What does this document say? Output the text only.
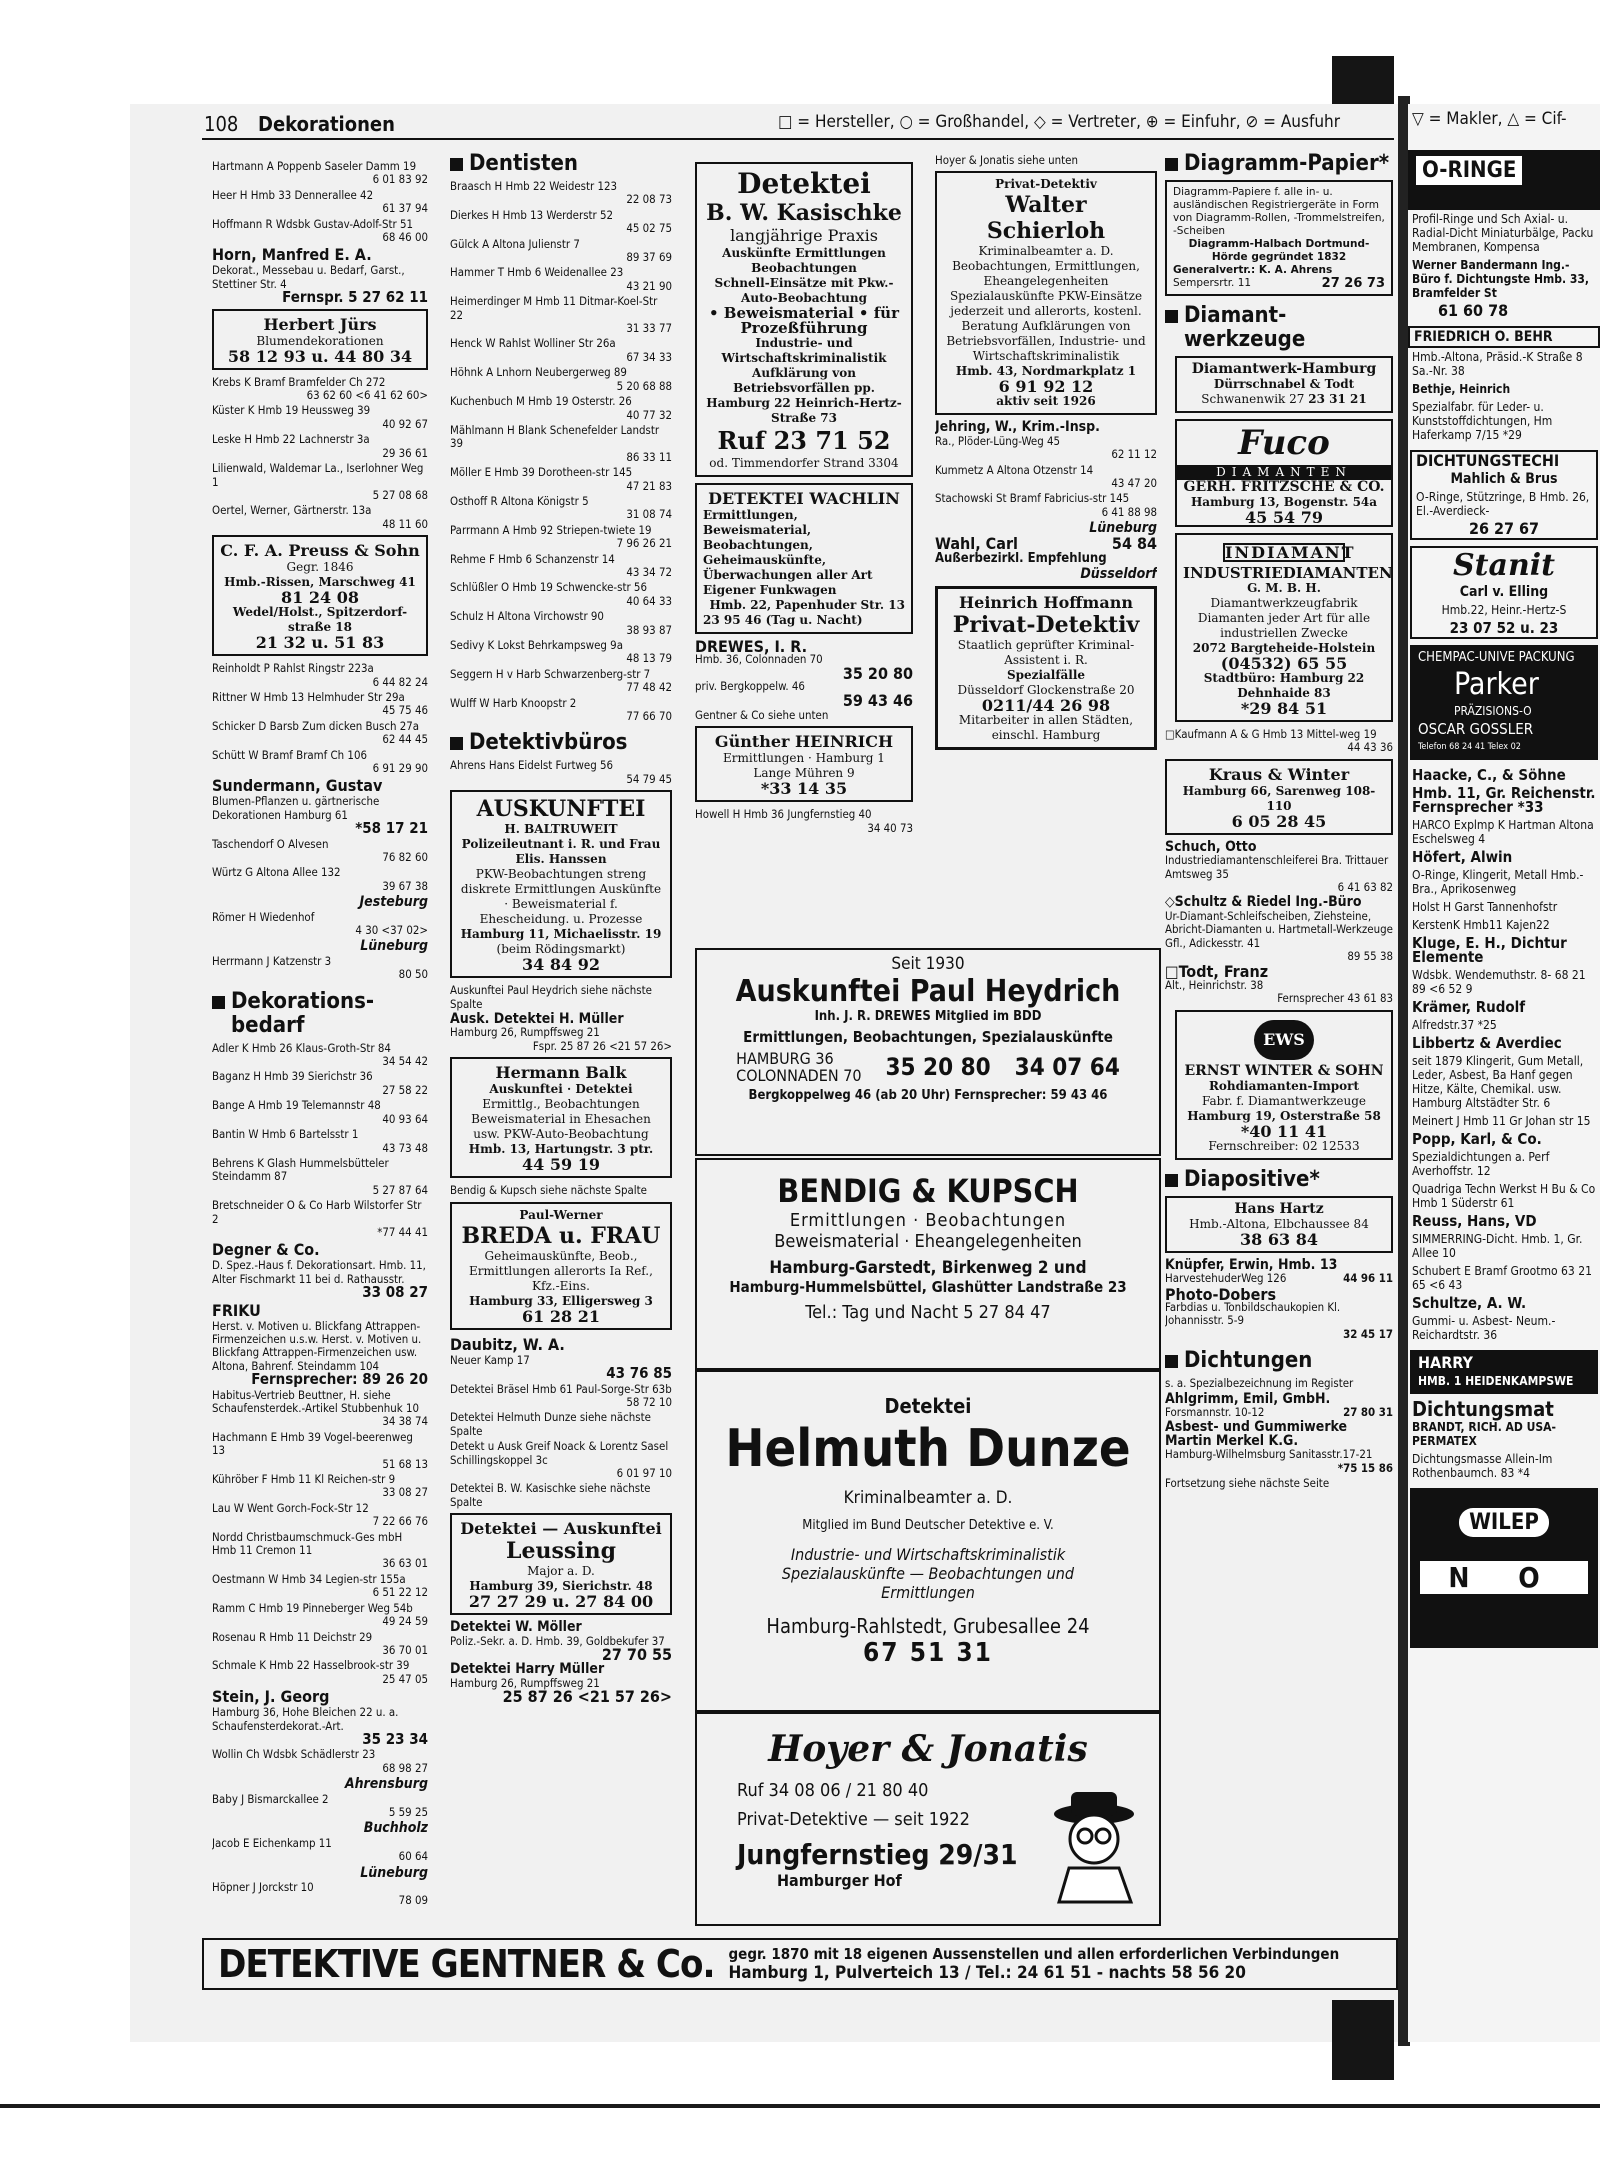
▽ = Makler, △ = Cif-
O-RINGE
Profil-Ringe und Sch Axial- u. Radial-Dicht Miniaturbälge, Packu Membranen, Kompensa
Werner Bandermann Ing.-Büro f. Dichtungste Hmb. 33, Bramfelder St
61 60 78
FRIEDRICH O. BEHR
Hmb.-Altona, Präsid.-K Straße 8 Sa.-Nr. 38
Bethje, Heinrich
Spezialfabr. für Leder- u. Kunststoffdichtungen, Hm Haferkamp 7/15 *29
DICHTUNGSTECHI
Mahlich & Brus
O-Ringe, Stützringe, B Hmb. 26, El.-Averdieck-
26 27 67
Stanit
Carl v. Elling
Hmb.22, Heinr.-Hertz-S
23 07 52 u. 23
CHEMPAC-UNIVE PACKUNG
Parker
PRÄZISIONS-O
OSCAR GOSSLER
Telefon 68 24 41 Telex 02
Haacke, C., & Söhne
Hmb. 11, Gr. Reichenstr. Fernsprecher *33
HARCO Explmp K Hartman Altona Eschelsweg 4
Höfert, Alwin
O-Ringe, Klingerit, Metall Hmb.-Bra., Aprikosenweg
Holst H Garst Tannenhofstr
KerstenK Hmb11 Kajen22
Kluge, E. H., Dichtur Elemente
Wdsbk. Wendemuthstr. 8- 68 21 89 <6 52 9
Krämer, Rudolf
Alfredstr.37 *25
Libbertz & Averdiec
seit 1879 Klingerit, Gum Metall, Leder, Asbest, Ba Hanf gegen Hitze, Kälte, Chemikal. usw. Hamburg Altstädter Str. 6
Meinert J Hmb 11 Gr Johan str 15
Popp, Karl, & Co.
Spezialdichtungen a. Perf Averhoffstr. 12
Quadriga Techn Werkst H Bu & Co Hmb 1 Süderstr 61
Reuss, Hans, VD
SIMMERRING-Dicht. Hmb. 1, Gr. Allee 10
Schubert E Bramf Grootmo 63 21 65 <6 43
Schultze, A. W.
Gummi- u. Asbest- Neum.-Reichardtstr. 36
HARRY
HMB. 1 HEIDENKAMPSWE
Dichtungsmat
BRANDT, RICH. AD USA-PERMATEX
Dichtungsmasse Allein-Im Rothenbaumch. 83 *4
WILEP
N O
108 Dekorationen	□ = Hersteller, ○ = Großhandel, ◇ = Vertreter, ⊕ = Einfuhr, ⊘ = Ausfuhr
Hartmann A Poppenb Saseler Damm 19
6 01 83 92
Heer H Hmb 33 Dennerallee 42
61 37 94
Hoffmann R Wdsbk Gustav-Adolf-Str 51
68 46 00
Horn, Manfred E. A.
Dekorat., Messebau u. Bedarf, Garst., Stettiner Str. 4
Fernspr. 5 27 62 11
Herbert Jürs
Blumendekorationen
58 12 93 u. 44 80 34
Krebs K Bramf Bramfelder Ch 272
63 62 60 <6 41 62 60>
Küster K Hmb 19 Heussweg 39
40 92 67
Leske H Hmb 22 Lachnerstr 3a
29 36 61
Lilienwald, Waldemar La., Iserlohner Weg 1
5 27 08 68
Oertel, Werner, Gärtnerstr. 13a
48 11 60
C. F. A. Preuss & Sohn
Gegr. 1846
Hmb.-Rissen, Marschweg 41
81 24 08
Wedel/Holst., Spitzerdorf-straße 18
21 32 u. 51 83
Reinholdt P Rahlst Ringstr 223a
6 44 82 24
Rittner W Hmb 13 Helmhuder Str 29a
45 75 46
Schicker D Barsb Zum dicken Busch 27a
62 44 45
Schütt W Bramf Bramf Ch 106
6 91 29 90
Sundermann, Gustav
Blumen-Pflanzen u. gärtnerische Dekorationen Hamburg 61
*58 17 21
Taschendorf O Alvesen
76 82 60
Würtz G Altona Allee 132
39 67 38
Jesteburg
Römer H Wiedenhof
4 30 <37 02>
Lüneburg
Herrmann J Katzenstr 3
80 50
Dekorations-bedarf
Adler K Hmb 26 Klaus-Groth-Str 84
34 54 42
Baganz H Hmb 39 Sierichstr 36
27 58 22
Bange A Hmb 19 Telemannstr 48
40 93 64
Bantin W Hmb 6 Bartelsstr 1
43 73 48
Behrens K Glash Hummelsbütteler Steindamm 87
5 27 87 64
Bretschneider O & Co Harb Wilstorfer Str 2
*77 44 41
Degner & Co.
D. Spez.-Haus f. Dekorationsart. Hmb. 11, Alter Fischmarkt 11 bei d. Rathausstr.
33 08 27
FRIKU
Herst. v. Motiven u. Blickfang Attrappen-Firmenzeichen u.s.w. Herst. v. Motiven u. Blickfang Attrappen-Firmenzeichen usw. Altona, Bahrenf. Steindamm 104
Fernsprecher: 89 26 20
Habitus-Vertrieb Beuttner, H. siehe Schaufensterdek.-Artikel Stubbenhuk 10
34 38 74
Hachmann E Hmb 39 Vogel-beerenweg 13
51 68 13
Kühröber F Hmb 11 Kl Reichen-str 9
33 08 27
Lau W Went Gorch-Fock-Str 12
7 22 66 76
Nordd Christbaumschmuck-Ges mbH Hmb 11 Cremon 11
36 63 01
Oestmann W Hmb 34 Legien-str 155a
6 51 22 12
Ramm C Hmb 19 Pinneberger Weg 54b
49 24 59
Rosenau R Hmb 11 Deichstr 29
36 70 01
Schmale K Hmb 22 Hasselbrook-str 39
25 47 05
Stein, J. Georg
Hamburg 36, Hohe Bleichen 22 u. a. Schaufensterdekorat.-Art.
35 23 34
Wollin Ch Wdsbk Schädlerstr 23
68 98 27
Ahrensburg
Baby J Bismarckallee 2
5 59 25
Buchholz
Jacob E Eichenkamp 11
60 64
Lüneburg
Höpner J Jorckstr 10
78 09
Dentisten
Braasch H Hmb 22 Weidestr 123
22 08 73
Dierkes H Hmb 13 Werderstr 52
45 02 75
Gülck A Altona Julienstr 7
89 37 69
Hammer T Hmb 6 Weidenallee 23
43 21 90
Heimerdinger M Hmb 11 Ditmar-Koel-Str 22
31 33 77
Henck W Rahlst Wolliner Str 26a
67 34 33
Höhnk A Lnhorn Neubergerweg 89
5 20 68 88
Kuchenbuch M Hmb 19 Osterstr. 26
40 77 32
Mählmann H Blank Schenefelder Landstr 39
86 33 11
Möller E Hmb 39 Dorotheen-str 145
47 21 83
Osthoff R Altona Königstr 5
31 08 74
Parrmann A Hmb 92 Striepen-twiete 19
7 96 26 21
Rehme F Hmb 6 Schanzenstr 14
43 34 72
Schlüßler O Hmb 19 Schwencke-str 56
40 64 33
Schulz H Altona Virchowstr 90
38 93 87
Sedivy K Lokst Behrkampsweg 9a
48 13 79
Seggern H v Harb Schwarzenberg-str 7
77 48 42
Wulff W Harb Knoopstr 2
77 66 70
Detektivbüros
Ahrens Hans Eidelst Furtweg 56
54 79 45
AUSKUNFTEI
H. BALTRUWEIT
Polizeileutnant i. R. und Frau Elis. Hanssen
PKW-Beobachtungen streng diskrete Ermittlungen Auskünfte · Beweismaterial f. Ehescheidung. u. Prozesse
Hamburg 11, Michaelisstr. 19
(beim Rödingsmarkt)
34 84 92
Auskunftei Paul Heydrich siehe nächste Spalte
Ausk. Detektei H. Müller
Hamburg 26, Rumpffsweg 21
Fspr. 25 87 26 <21 57 26>
Hermann Balk
Auskunftei · Detektei
Ermittlg., Beobachtungen Beweismaterial in Ehesachen usw. PKW-Auto-Beobachtung
Hmb. 13, Hartungstr. 3 ptr.
44 59 19
Bendig & Kupsch siehe nächste Spalte
Paul-Werner
BREDA u. FRAU
Geheimauskünfte, Beob., Ermittlungen allerorts Ia Ref., Kfz.-Eins.
Hamburg 33, Elligersweg 3
61 28 21
Daubitz, W. A.
Neuer Kamp 17
43 76 85
Detektei Bräsel Hmb 61 Paul-Sorge-Str 63b
58 72 10
Detektei Helmuth Dunze siehe nächste Spalte
Detekt u Ausk Greif Noack & Lorentz Sasel Schillingskoppel 3c
6 01 97 10
Detektei B. W. Kasischke siehe nächste Spalte
Detektei — Auskunftei
Leussing
Major a. D.
Hamburg 39, Sierichstr. 48
27 27 29 u. 27 84 00
Detektei W. Möller
Poliz.-Sekr. a. D. Hmb. 39, Goldbekufer 37
27 70 55
Detektei Harry Müller
Hamburg 26, Rumpffsweg 21
25 87 26 <21 57 26>
Detektei
B. W. Kasischke
langjährige Praxis
Auskünfte Ermittlungen Beobachtungen
Schnell-Einsätze mit Pkw.-Auto-Beobachtung
• Beweismaterial • für Prozeßführung
Industrie- und Wirtschaftskriminalistik
Aufklärung von Betriebsvorfällen pp.
Hamburg 22 Heinrich-Hertz-Straße 73
Ruf 23 71 52
od. Timmendorfer Strand 3304
DETEKTEI WACHLIN
Ermittlungen, Beweismaterial, Beobachtungen, Geheimauskünfte, Überwachungen aller Art Eigener Funkwagen
Hmb. 22, Papenhuder Str. 13
23 95 46 (Tag u. Nacht)
DREWES, I. R.
Hmb. 36, Colonnaden 70
35 20 80
priv. Bergkoppelw. 46
59 43 46
Gentner & Co siehe unten
Günther HEINRICH
Ermittlungen · Hamburg 1
Lange Mühren 9
*33 14 35
Howell H Hmb 36 Jungfernstieg 40
34 40 73
Hoyer & Jonatis siehe unten
Privat-Detektiv
Walter Schierloh
Kriminalbeamter a. D.
Beobachtungen, Ermittlungen, Eheangelegenheiten
Spezialauskünfte PKW-Einsätze jederzeit und allerorts, kostenl. Beratung Aufklärungen von Betriebsvorfällen, Industrie- und Wirtschaftskriminalistik
Hmb. 43, Nordmarkplatz 1
6 91 92 12
aktiv seit 1926
Jehring, W., Krim.-Insp.
Ra., Plöder-Lüng-Weg 45
62 11 12
Kummetz A Altona Otzenstr 14
43 47 20
Stachowski St Bramf Fabricius-str 145
6 41 88 98
Lüneburg
Wahl, Carl	54 84
Außerbezirkl. Empfehlung
Düsseldorf
Heinrich Hoffmann
Privat-Detektiv
Staatlich geprüfter Kriminal-Assistent i. R.
Spezialfälle
Düsseldorf Glockenstraße 20
0211/44 26 98
Mitarbeiter in allen Städten, einschl. Hamburg
Seit 1930
Auskunftei Paul Heydrich
Inh. J. R. DREWES Mitglied im BDD
Ermittlungen, Beobachtungen, Spezialauskünfte
HAMBURG 36
COLONNADEN 70 35 20 80 34 07 64
Bergkoppelweg 46 (ab 20 Uhr) Fernsprecher: 59 43 46
BENDIG & KUPSCH
Ermittlungen · Beobachtungen
Beweismaterial · Eheangelegenheiten
Hamburg-Garstedt, Birkenweg 2 und
Hamburg-Hummelsbüttel, Glashütter Landstraße 23
Tel.: Tag und Nacht 5 27 84 47
Detektei
Helmuth Dunze
Kriminalbeamter a. D.
Mitglied im Bund Deutscher Detektive e. V.
Industrie- und Wirtschaftskriminalistik Spezialauskünfte — Beobachtungen und Ermittlungen
Hamburg-Rahlstedt, Grubesallee 24
67 51 31
Hoyer & Jonatis
Ruf 34 08 06 / 21 80 40
Privat-Detektive — seit 1922
Jungfernstieg 29/31
Hamburger Hof
Diagramm-Papier*
Diagramm-Papiere f. alle in- u. ausländischen Registriergeräte in Form von Diagramm-Rollen, -Trommelstreifen, -Scheiben
Diagramm-Halbach Dortmund-Hörde gegründet 1832
Generalvertr.: K. A. Ahrens
Sempersrtr. 11	27 26 73
Diamant-werkzeuge
Diamantwerk-Hamburg
Dürrschnabel & Todt
Schwanenwik 27 23 31 21
Fuco
DIAMANTEN
GERH. FRITZSCHE & CO.
Hamburg 13, Bogenstr. 54a
45 54 79
INDIAMANT
INDUSTRIEDIAMANTEN
G. M. B. H.
Diamantwerkzeugfabrik Diamanten jeder Art für alle industriellen Zwecke
2072 Bargteheide-Holstein
(04532) 65 55
Stadtbüro: Hamburg 22 Dehnhaide 83
*29 84 51
□Kaufmann A & G Hmb 13 Mittel-weg 19
44 43 36
Kraus & Winter
Hamburg 66, Sarenweg 108-110
6 05 28 45
Schuch, Otto
Industriediamantenschleiferei Bra. Trittauer Amtsweg 35
6 41 63 82
◇Schultz & Riedel Ing.-Büro
Ur-Diamant-Schleifscheiben, Ziehsteine, Abricht-Diamanten u. Hartmetall-Werkzeuge Gfl., Adickesstr. 41
89 55 38
□Todt, Franz
Alt., Heinrichstr. 38
Fernsprecher 43 61 83
EWS
ERNST WINTER & SOHN
Rohdiamanten-Import
Fabr. f. Diamantwerkzeuge
Hamburg 19, Osterstraße 58
*40 11 41
Fernschreiber: 02 12533
Diapositive*
Hans Hartz
Hmb.-Altona, Elbchaussee 84
38 63 84
Knüpfer, Erwin, Hmb. 13
HarvestehuderWeg 126	44 96 11
Photo-Dobers
Farbdias u. Tonbildschaukopien Kl. Johannisstr. 5-9
32 45 17
Dichtungen
s. a. Spezialbezeichnung im Register
Ahlgrimm, Emil, GmbH.
Forsmannstr. 10-12	27 80 31
Asbest- und Gummiwerke Martin Merkel K.G.
Hamburg-Wilhelmsburg Sanitasstr.17-21
*75 15 86
Fortsetzung siehe nächste Seite
DETEKTIVE GENTNER & Co. gegr. 1870 mit 18 eigenen Aussenstellen und allen erforderlichen Verbindungen
Hamburg 1, Pulverteich 13 / Tel.: 24 61 51 - nachts 58 56 20
